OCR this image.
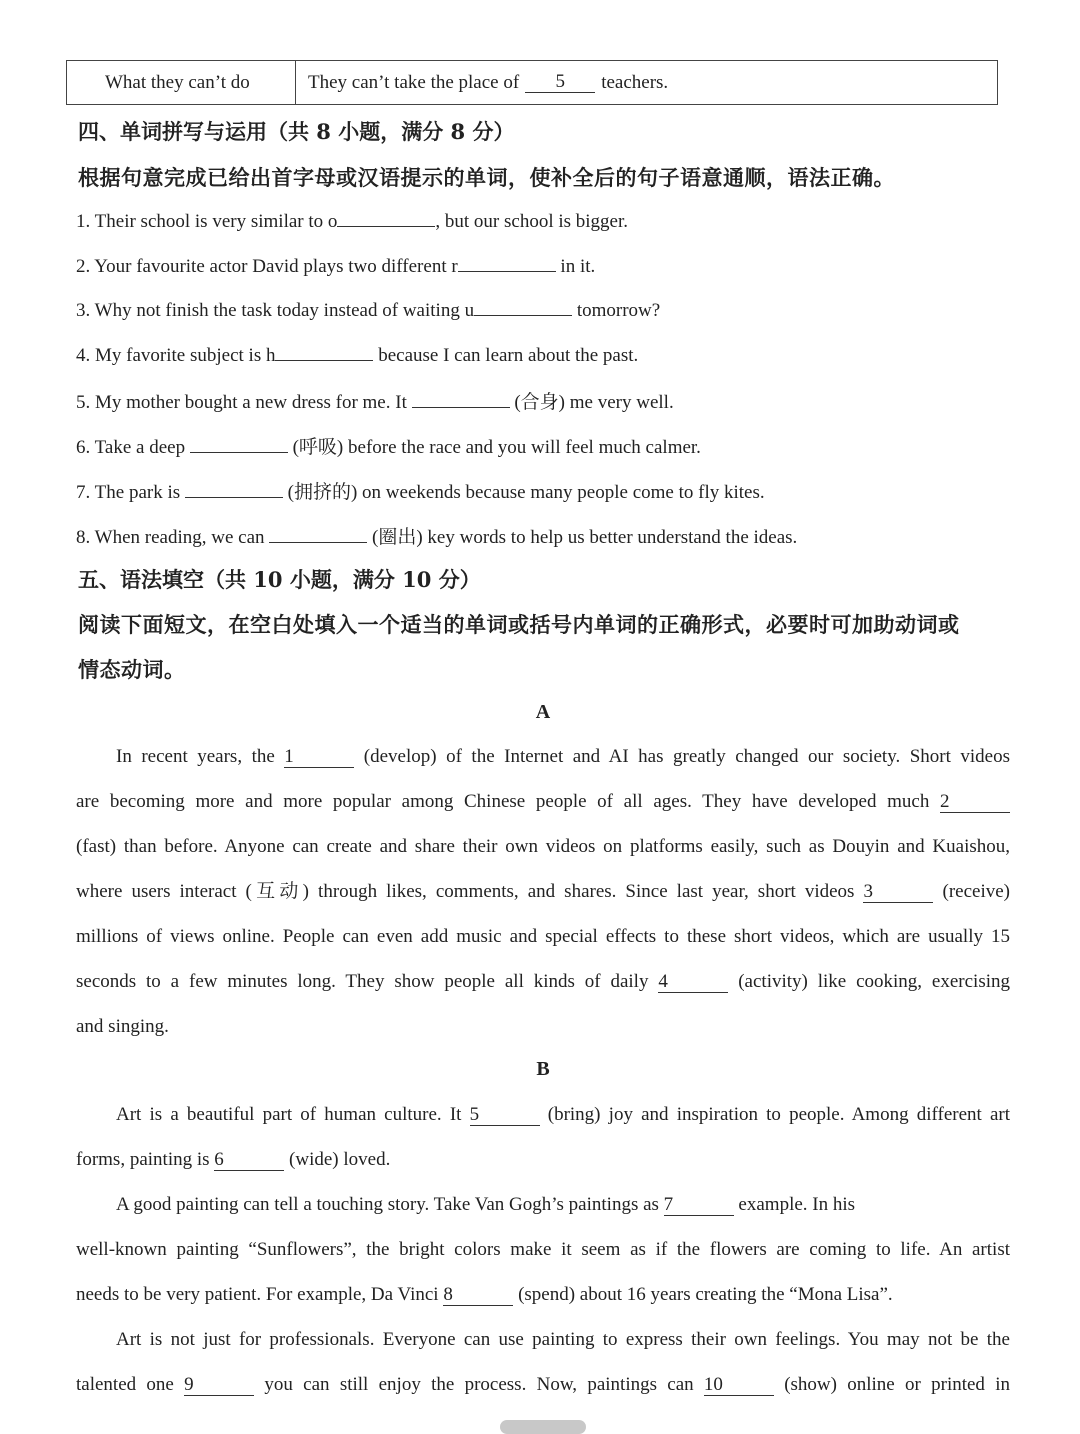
What they can’t do	They can’t take the place of	5	teachers.
四、单词拼写与运用（共 8 小题，满分 8 分）
根据句意完成已给出首字母或汉语提示的单词，使补全后的句子语意通顺，语法正确。
1. Their school is very similar to o	, but our school is bigger.
2. Your favourite actor David plays two different r	in it.
3. Why not finish the task today instead of waiting u	tomorrow?
4. My favorite subject is h	because I can learn about the past.
5. My mother bought a new dress for me. It	(合身) me very well.
6. Take a deep	(呼吸) before the race and you will feel much calmer.
7. The park is	(拥挤的) on weekends because many people come to fly kites.
8. When reading, we can	(圈出) key words to help us better understand the ideas.
五、语法填空（共 10 小题，满分 10 分）
阅读下面短文，在空白处填入一个适当的单词或括号内单词的正确形式，必要时可加助动词或
情态动词。
A
In recent years, the 1	(develop) of the Internet and AI has greatly changed our society. Short videos
are becoming more and more popular among Chinese people of all ages. They have developed much 2
(fast) than before. Anyone can create and share their own videos on platforms easily, such as Douyin and Kuaishou,
where users interact (互动) through likes, comments, and shares. Since last year, short videos 3	(receive)
millions of views online. People can even add music and special effects to these short videos, which are usually 15
seconds to a few minutes long. They show people all kinds of daily 4	(activity) like cooking, exercising
and singing.
B
Art is a beautiful part of human culture. It 5	(bring) joy and inspiration to people. Among different art
forms, painting is 6	(wide) loved.
A good painting can tell a touching story. Take Van Gogh’s paintings as 7	example. In his
well-known painting “Sunflowers”, the bright colors make it seem as if the flowers are coming to life. An artist
needs to be very patient. For example, Da Vinci 8	(spend) about 16 years creating the “Mona Lisa”.
Art is not just for professionals. Everyone can use painting to express their own feelings. You may not be the
talented one 9	you can still enjoy the process. Now, paintings can 10	(show) online or printed in
